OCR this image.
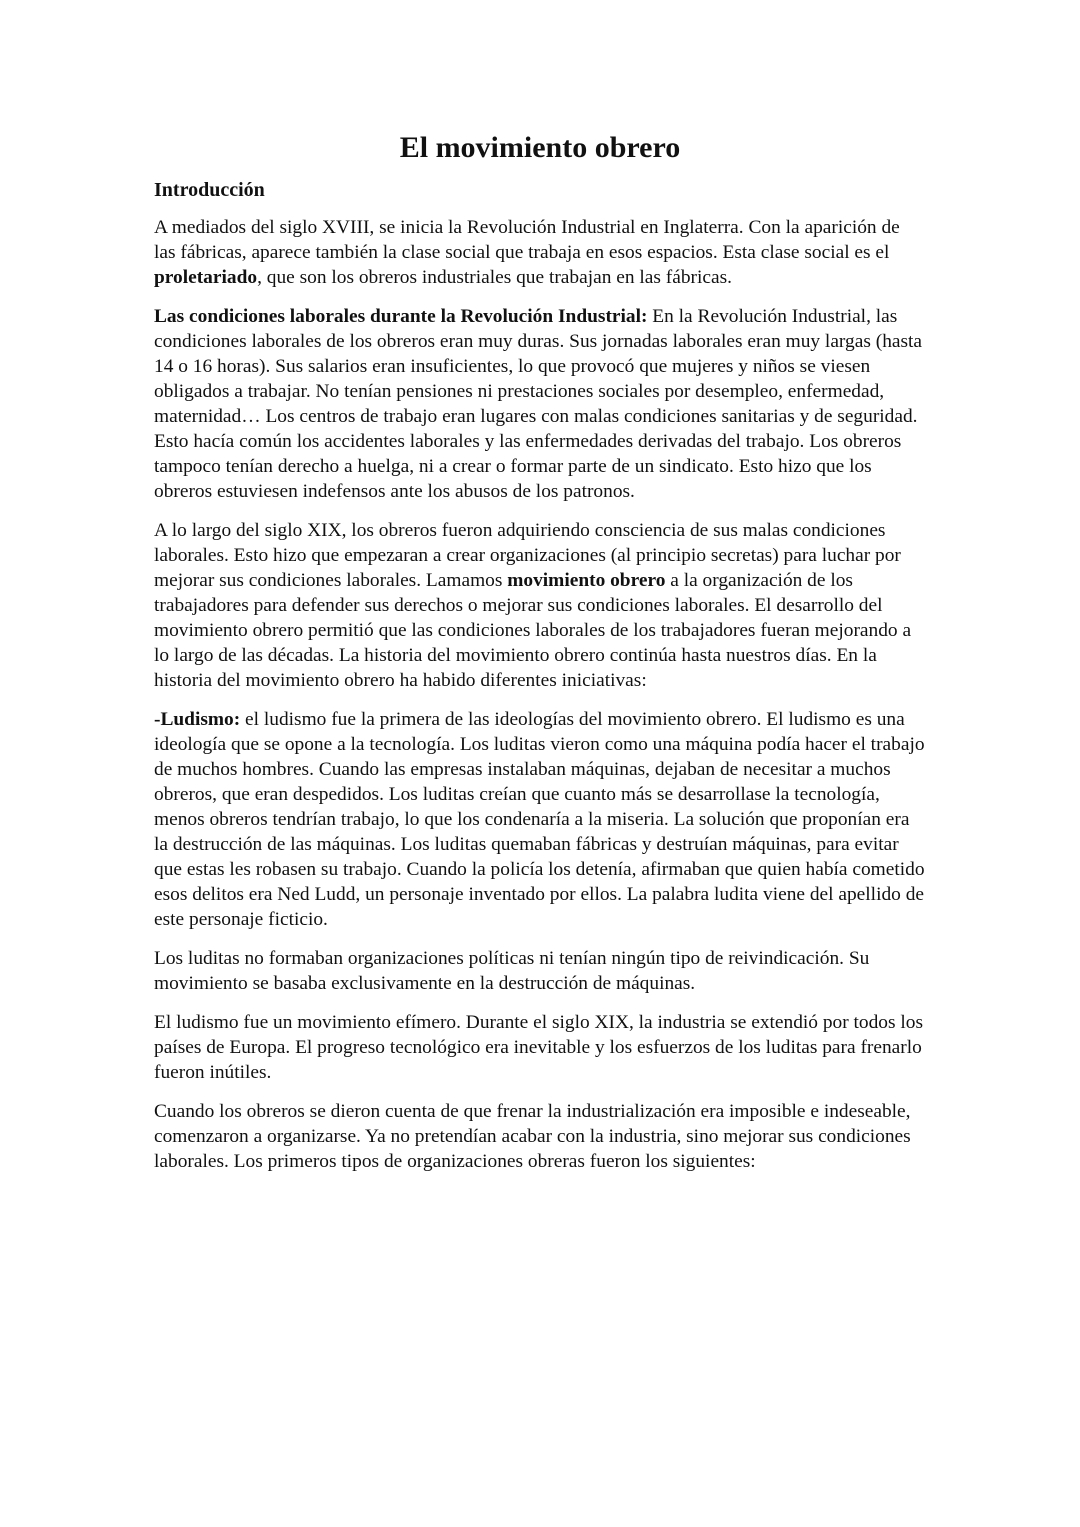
El movimiento obrero
Introducción

A mediados del siglo XVIII, se inicia la Revolución Industrial en Inglaterra. Con la aparición de las fábricas, aparece también la clase social que trabaja en esos espacios. Esta clase social es el proletariado, que son los obreros industriales que trabajan en las fábricas.

Las condiciones laborales durante la Revolución Industrial: En la Revolución Industrial, las condiciones laborales de los obreros eran muy duras. Sus jornadas laborales eran muy largas (hasta 14 o 16 horas). Sus salarios eran insuficientes, lo que provocó que mujeres y niños se viesen obligados a trabajar. No tenían pensiones ni prestaciones sociales por desempleo, enfermedad, maternidad… Los centros de trabajo eran lugares con malas condiciones sanitarias y de seguridad. Esto hacía común los accidentes laborales y las enfermedades derivadas del trabajo. Los obreros tampoco tenían derecho a huelga, ni a crear o formar parte de un sindicato. Esto hizo que los obreros estuviesen indefensos ante los abusos de los patronos.

A lo largo del siglo XIX, los obreros fueron adquiriendo consciencia de sus malas condiciones laborales. Esto hizo que empezaran a crear organizaciones (al principio secretas) para luchar por mejorar sus condiciones laborales. Lamamos movimiento obrero a la organización de los trabajadores para defender sus derechos o mejorar sus condiciones laborales. El desarrollo del movimiento obrero permitió que las condiciones laborales de los trabajadores fueran mejorando a lo largo de las décadas. La historia del movimiento obrero continúa hasta nuestros días. En la historia del movimiento obrero ha habido diferentes iniciativas:

-Ludismo: el ludismo fue la primera de las ideologías del movimiento obrero. El ludismo es una ideología que se opone a la tecnología. Los luditas vieron como una máquina podía hacer el trabajo de muchos hombres. Cuando las empresas instalaban máquinas, dejaban de necesitar a muchos obreros, que eran despedidos. Los luditas creían que cuanto más se desarrollase la tecnología, menos obreros tendrían trabajo, lo que los condenaría a la miseria. La solución que proponían era la destrucción de las máquinas. Los luditas quemaban fábricas y destruían máquinas, para evitar que estas les robasen su trabajo. Cuando la policía los detenía, afirmaban que quien había cometido esos delitos era Ned Ludd, un personaje inventado por ellos. La palabra ludita viene del apellido de este personaje ficticio.

Los luditas no formaban organizaciones políticas ni tenían ningún tipo de reivindicación. Su movimiento se basaba exclusivamente en la destrucción de máquinas.

El ludismo fue un movimiento efímero. Durante el siglo XIX, la industria se extendió por todos los países de Europa. El progreso tecnológico era inevitable y los esfuerzos de los luditas para frenarlo fueron inútiles.

Cuando los obreros se dieron cuenta de que frenar la industrialización era imposible e indeseable, comenzaron a organizarse. Ya no pretendían acabar con la industria, sino mejorar sus condiciones laborales. Los primeros tipos de organizaciones obreras fueron los siguientes:
